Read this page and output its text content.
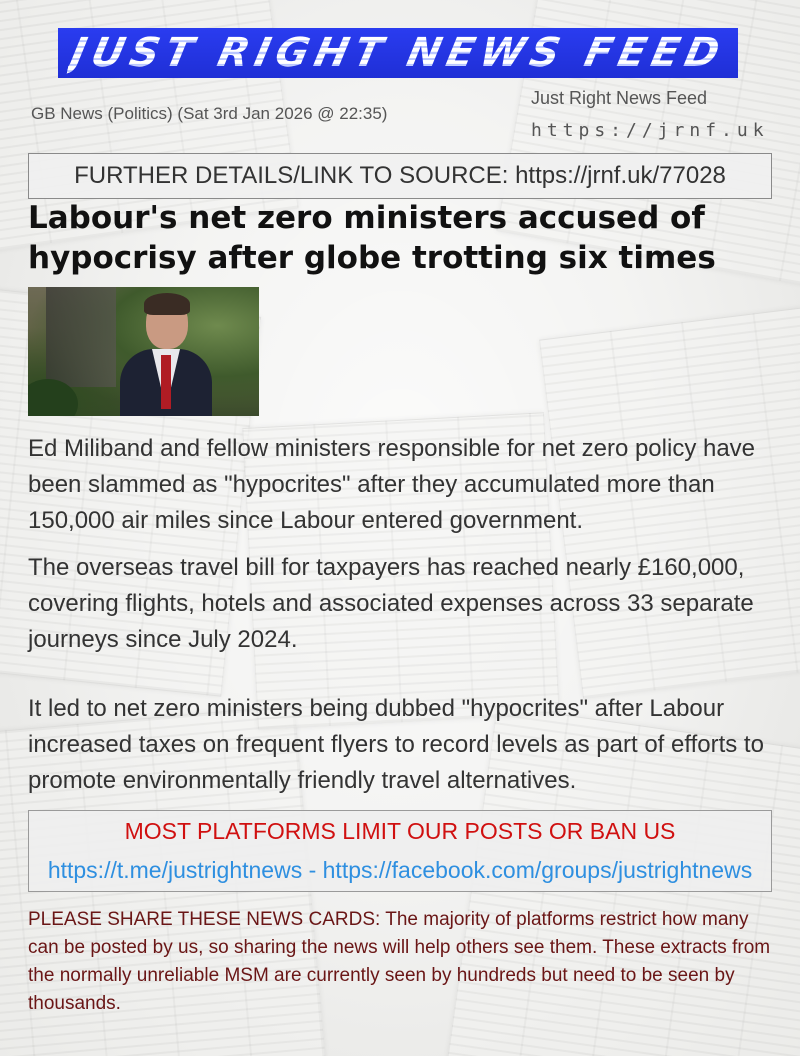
JUST RIGHT NEWS FEED
GB News (Politics) (Sat 3rd Jan 2026 @ 22:35)
Just Right News Feed
https://jrnf.uk
FURTHER DETAILS/LINK TO SOURCE: https://jrnf.uk/77028
Labour's net zero ministers accused of hypocrisy after globe trotting six times

Ed Miliband and fellow ministers responsible for net zero policy have been slammed as "hypocrites" after they accumulated more than 150,000 air miles since Labour entered government.

The overseas travel bill for taxpayers has reached nearly £160,000, covering flights, hotels and associated expenses across 33 separate journeys since July 2024.

It led to net zero ministers being dubbed "hypocrites" after Labour increased taxes on frequent flyers to record levels as part of efforts to promote environmentally friendly travel alternatives.

MOST PLATFORMS LIMIT OUR POSTS OR BAN US
https://t.me/justrightnews - https://facebook.com/groups/justrightnews

PLEASE SHARE THESE NEWS CARDS: The majority of platforms restrict how many can be posted by us, so sharing the news will help others see them. These extracts from the normally unreliable MSM are currently seen by hundreds but need to be seen by thousands.
